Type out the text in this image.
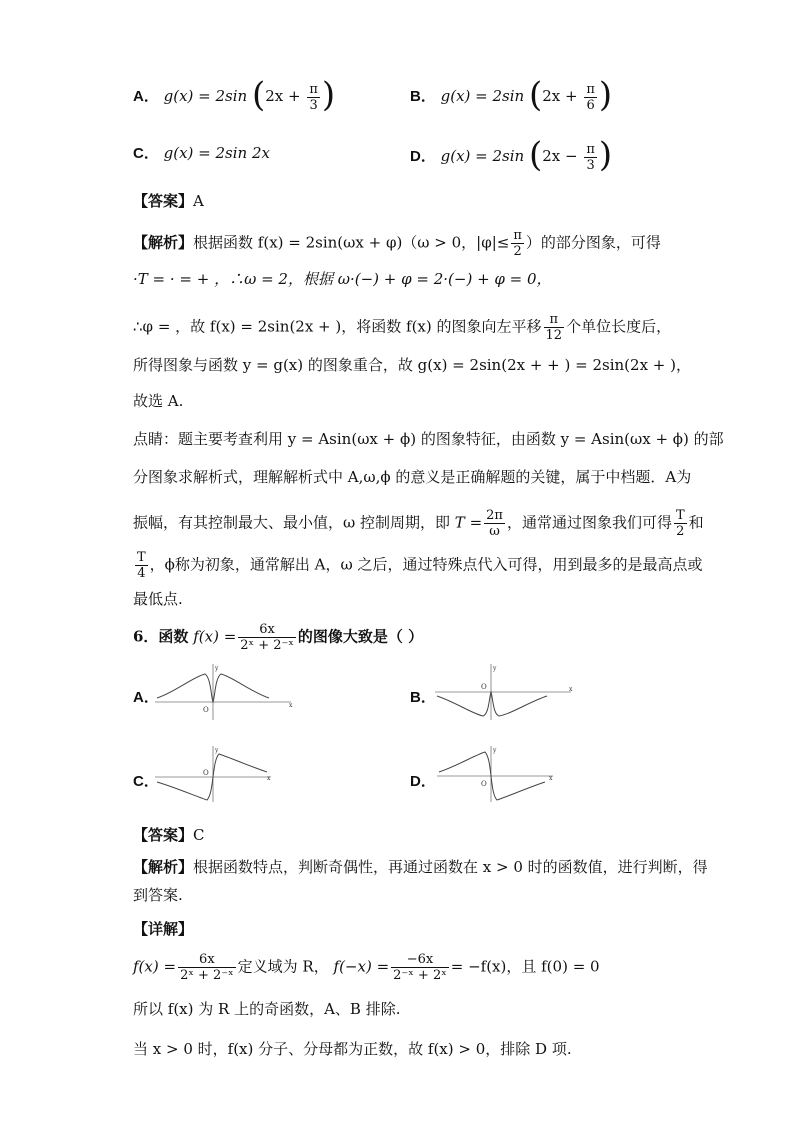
A． g(x) = 2sin ($2x + \frac{\pi}{3}$ )	B． g(x) = 2sin ($2x + \frac{\pi}{6}$ )
C． g(x) = 2sin 2x	D． g(x) = 2sin ($2x - \frac{\pi}{3}$ )
【答案】A
【解析】根据函数 f(x) = 2sin(ωx + φ)（ω > 0，$|\varphi|\le \frac{\pi}{2}$ ）的部分图象，可得
·T = · = + ，∴ω = 2，根据 ω·(−) + φ = 2·(−) + φ = 0，
∴φ = ，故 f(x) = 2sin(2x + )，将函数 f(x) 的图象向左平移 $\frac{\pi}{12}$ 个单位长度后，
所得图象与函数 y = g(x) 的图象重合，故 g(x) = 2sin(2x + + ) = 2sin(2x + )，
故选 A.
点睛：题主要考查利用 y = Asin(ωx + ϕ) 的图象特征，由函数 y = Asin(ωx + ϕ) 的部
分图象求解析式，理解解析式中 A,ω,ϕ 的意义是正确解题的关键，属于中档题．A为
振幅，有其控制最大、最小值，ω 控制周期，即 $T = \frac{2\pi}{\omega}$ ，通常通过图象我们可得 $\frac{T}{2}$ 和
$\frac{T}{4}$ ，ϕ称为初象，通常解出 A，ω 之后，通过特殊点代入可得，用到最多的是最高点或
最低点.
6．函数 $f(x) = \frac{6x}{\text{2ˣ + 2⁻ˣ}}$ 的图像大致是（ ）
A．
O
x
y
B．
O	x
y
C．	O
x
y
D．	O
x
y
【答案】C
【解析】根据函数特点，判断奇偶性，再通过函数在 x > 0 时的函数值，进行判断，得
到答案.
【详解】
$f(x) = \frac{6x}{\text{2ˣ + 2⁻ˣ}}$ 定义域为 R， $f(-x) = \frac{-6x}{\text{2⁻ˣ + 2ˣ}} = -f(x)$，且 f(0) = 0
所以 f(x) 为 R 上的奇函数，A、B 排除.
当 x > 0 时，f(x) 分子、分母都为正数，故 f(x) > 0，排除 D 项.
